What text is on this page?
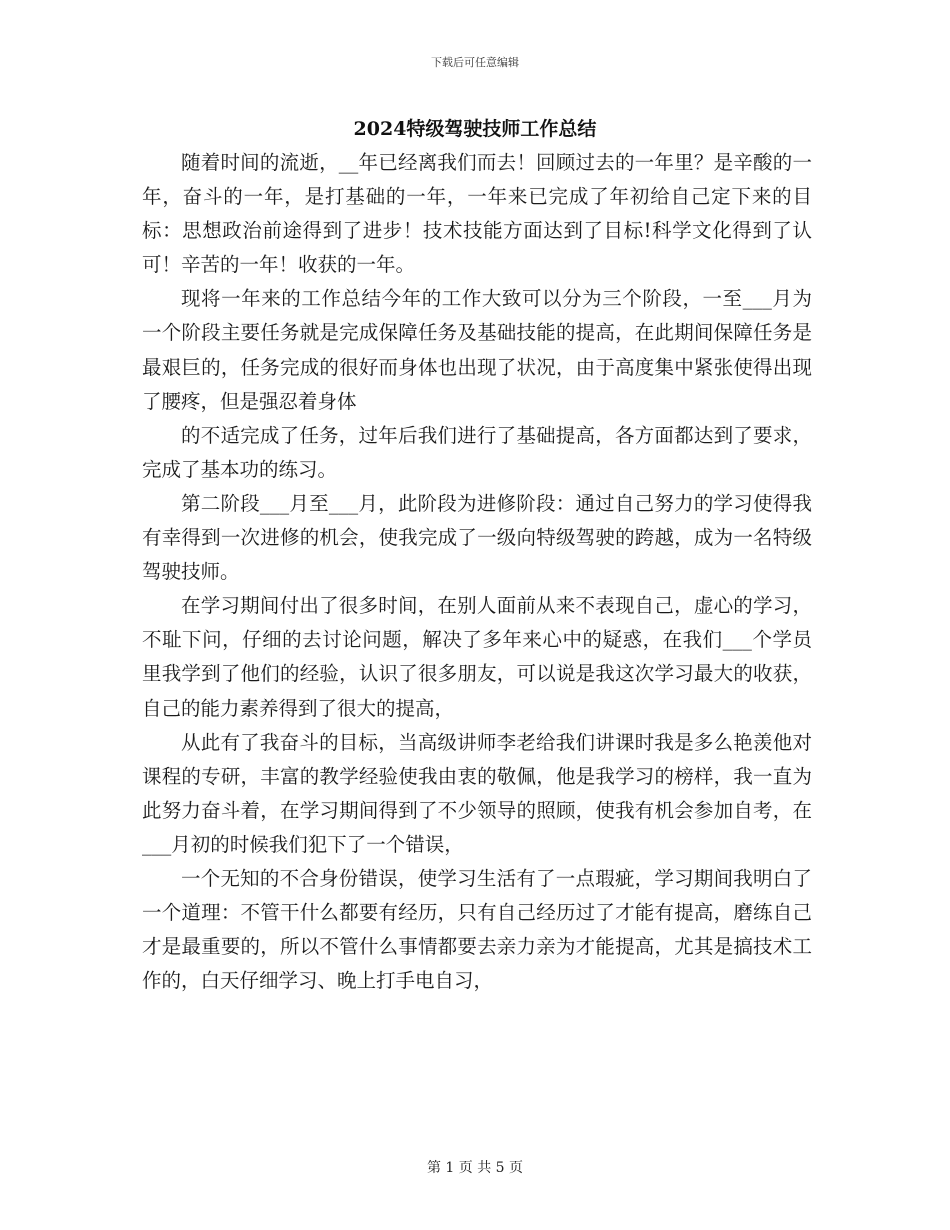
下载后可任意编辑
2024特级驾驶技师工作总结

随着时间的流逝，__年已经离我们而去！回顾过去的一年里？是辛酸的一年，奋斗的一年，是打基础的一年，一年来已完成了年初给自己定下来的目标：思想政治前途得到了进步！技术技能方面达到了目标!科学文化得到了认可！辛苦的一年！收获的一年。

现将一年来的工作总结今年的工作大致可以分为三个阶段，一至___月为一个阶段主要任务就是完成保障任务及基础技能的提高，在此期间保障任务是最艰巨的，任务完成的很好而身体也出现了状况，由于高度集中紧张使得出现了腰疼，但是强忍着身体

的不适完成了任务，过年后我们进行了基础提高，各方面都达到了要求，完成了基本功的练习。

第二阶段___月至___月，此阶段为进修阶段：通过自己努力的学习使得我有幸得到一次进修的机会，使我完成了一级向特级驾驶的跨越，成为一名特级驾驶技师。

在学习期间付出了很多时间，在别人面前从来不表现自己，虚心的学习，不耻下问，仔细的去讨论问题，解决了多年来心中的疑惑，在我们___个学员里我学到了他们的经验，认识了很多朋友，可以说是我这次学习最大的收获，自己的能力素养得到了很大的提高，

从此有了我奋斗的目标，当高级讲师李老给我们讲课时我是多么艳羡他对课程的专研，丰富的教学经验使我由衷的敬佩，他是我学习的榜样，我一直为此努力奋斗着，在学习期间得到了不少领导的照顾，使我有机会参加自考，在___月初的时候我们犯下了一个错误，

一个无知的不合身份错误，使学习生活有了一点瑕疵，学习期间我明白了一个道理：不管干什么都要有经历，只有自己经历过了才能有提高，磨练自己才是最重要的，所以不管什么事情都要去亲力亲为才能提高，尤其是搞技术工作的，白天仔细学习、晚上打手电自习，

第 1 页 共 5 页
